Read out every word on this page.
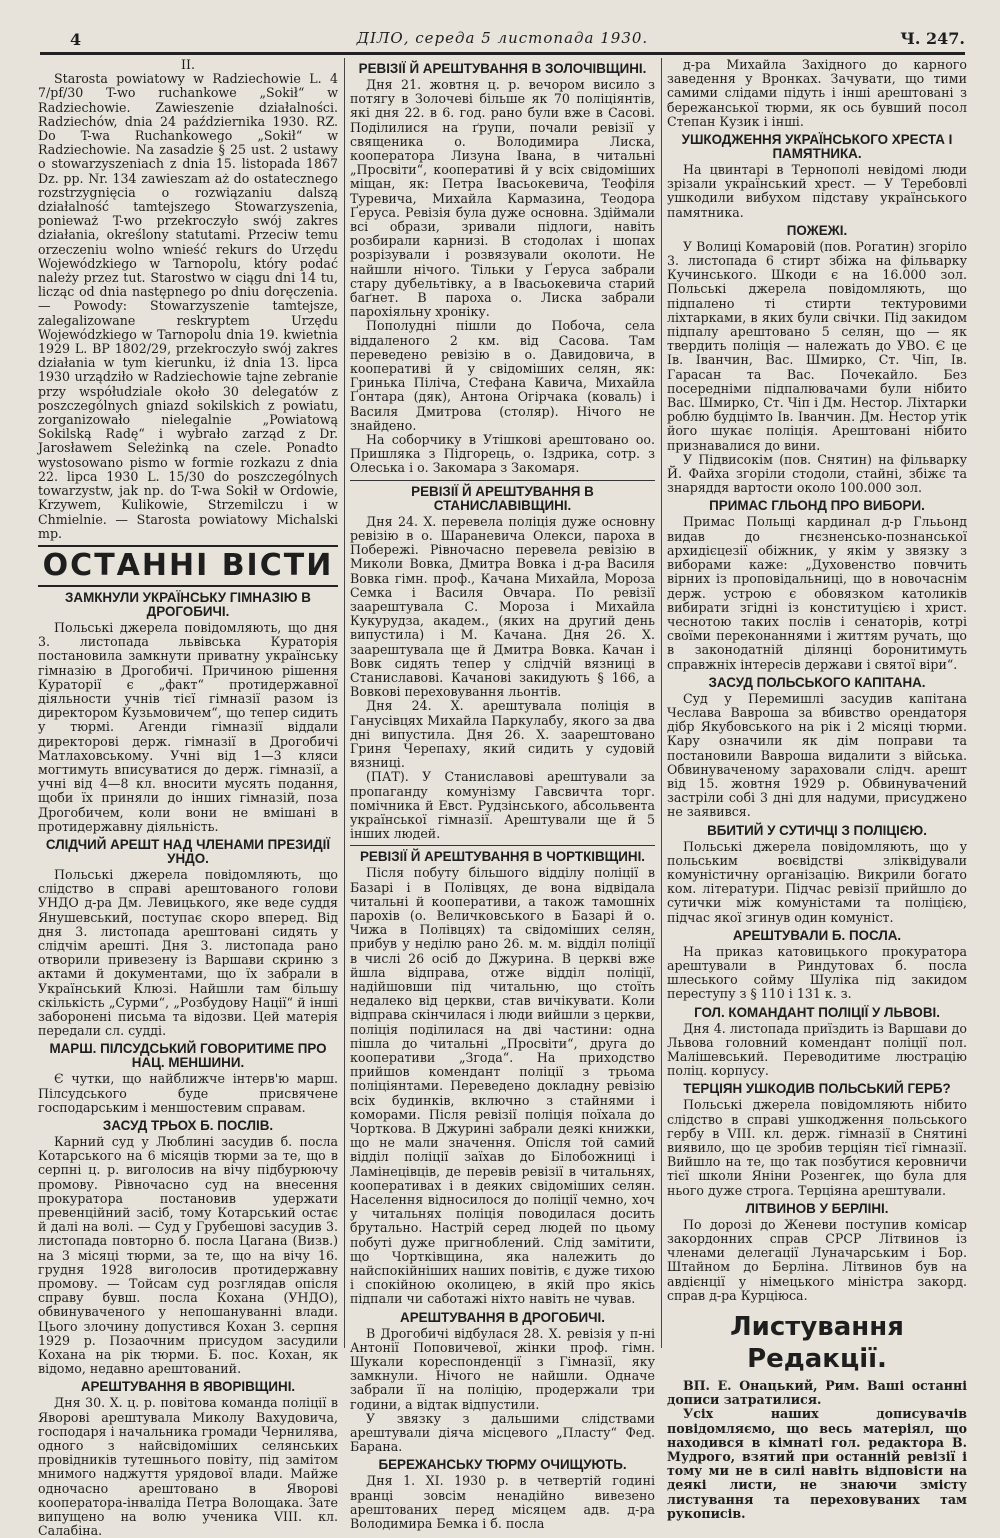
4	ДІЛО, середа 5 листопада 1930.	Ч. 247.
II.

Starosta powiatowy w Radziechowie L. 4 7/pf/30 T-wo ruchankowe „Sokił“ w Radziechowie. Zawieszenie działalności. Radziechów, dnia 24 października 1930. RZ. Do T-wa Ruchankowego „Sokił“ w Radziechowie. Na zasadzie § 25 ust. 2 ustawy o stowarzyszeniach z dnia 15. listopada 1867 Dz. pp. Nr. 134 zawieszam aż do ostatecznego rozstrzygnięcia o rozwiązaniu dalszą działalność tamtejszego Stowarzyszenia, ponieważ T-wo przekroczyło swój zakres działania, określony statutami. Przeciw temu orzeczeniu wolno wnieść rekurs do Urzędu Wojewódzkiego w Tarnopolu, który podać należy przez tut. Starostwo w ciągu dni 14 tu, licząc od dnia następnego po dniu doręczenia. — Powody: Stowarzyszenie tamtejsze, zalegalizowane reskryptem Urzędu Wojewódzkiego w Tarnopolu dnia 19. kwietnia 1929 L. BP 1802/29, przekroczyło swój zakres działania w tym kierunku, iż dnia 13. lipca 1930 urządziło w Radziechowie tajne zebranie przy współudziale około 30 delegatów z poszczególnych gniazd sokilskich z powiatu, zorganizowało nielegalnie „Powiatową Sokilską Radę“ i wybrało zarząd z Dr. Jarosławem Seleżinką na czele. Ponadto wystosowano pismo w formie rozkazu z dnia 22. lipca 1930 L. 15/30 do poszczególnych towarzystw, jak np. do T-wa Sokił w Ordowie, Krzywem, Kulikowie, Strzemilczu i w Chmielnie. — Starosta powiatowy Michalski mp.

ОСТАННІ ВІСТИ
ЗАМКНУЛИ УКРАЇНСЬКУ ГІМНАЗІЮ В ДРОГОБИЧІ.

Польські джерела повідомляють, що дня 3. листопада львівська Кураторія постановила замкнути приватну українську гімназію в Дрогобичі. Причиною рішення Кураторії є „факт“ протидержавної діяльности учнів тієї гімназії разом із директором Кузьмовичем“, що тепер сидить у тюрмі. Агенди гімназії віддали директорові держ. гімназії в Дрогобичі Матлаховському. Учні від 1—3 кляси могтимуть вписуватися до держ. гімназії, а учні від 4—8 кл. вносити мусять подання, щоби їх приняли до інших гімназій, поза Дрогобичем, коли вони не вмішані в протидержавну діяльність.

СЛІДЧИЙ АРЕШТ НАД ЧЛЕНАМИ ПРЕЗИДІЇ УНДО.

Польські джерела повідомляють, що слідство в справі арештованого голови УНДО д-ра Дм. Левицького, яке веде суддя Янушевський, поступає скоро вперед. Від дня 3. листопада арештовані сидять у слідчім арешті. Дня 3. листопада рано отворили привезену із Варшави скриню з актами й документами, що їх забрали в Український Клюзі. Найшли там більшу скількість „Сурми“, „Розбудову Нації“ й інші заборонені письма та відозви. Цей матерія передали сл. судді.

МАРШ. ПІЛСУДСЬКИЙ ГОВОРИТИМЕ ПРО НАЦ. МЕНШИНИ.

Є чутки, що найближче інтерв'ю марш. Пілсудського буде присвячене господарським і меншостевим справам.

ЗАСУД ТРЬОХ Б. ПОСЛІВ.

Карний суд у Люблині засудив б. посла Котарського на 6 місяців тюрми за те, що в серпні ц. р. виголосив на вічу підбурюючу промову. Рівночасно суд на внесення прокуратора постановив удержати превенційний засіб, тому Котарський остає й далі на волі. — Суд у Грубешові засудив 3. листопада повторно б. посла Цагана (Визв.) на 3 місяці тюрми, за те, що на вічу 16. грудня 1928 виголосив протидержавну промову. — Тойсам суд розглядав опісля справу бувш. посла Кохана (УНДО), обвинуваченого у непошануванні влади. Цього злочину допустився Кохан 3. серпня 1929 р. Позаочним присудом засудили Кохана на рік тюрми. Б. пос. Кохан, як відомо, недавно арештований.

АРЕШТУВАННЯ В ЯВОРІВЩИНІ.

Дня 30. Х. ц. р. повітова команда поліції в Яворові арештувала Миколу Вахудовича, господаря і начальника громади Чернилява, одного з найсвідоміших селянських провідників тутешнього повіту, під замітом мнимого наджуття урядової влади. Майже одночасно арештовано в Яворові кооператора-інваліда Петра Волощака. Зате випущено на волю ученика VIII. кл. Салабіна.

РЕВІЗІЇ Й АРЕШТУВАННЯ В ЗОЛОЧІВЩИНІ.

Дня 21. жовтня ц. р. вечором висило з потягу в Золочеві більше як 70 поліціянтів, які дня 22. в 6. год. рано були вже в Сасові. Поділилися на ґрупи, почали ревізії у священика о. Володимира Лиска, кооператора Лизуна Івана, в читальні „Просвіти“, кооперативі й у всіх свідоміших міщан, як: Петра Івасьокевича, Теофіля Туревича, Михайла Кармазина, Теодора Ґеруса. Ревізія була дуже основна. Здіймали всі образи, зривали підлоги, навіть розбирали карнизі. В стодолах і шопах розрізували і розвязували околоти. Не найшли нічого. Тільки у Ґеруса забрали стару дубельтівку, а в Івасьокевича старий баґнет. В пароха о. Лиска забрали парохіяльну хроніку.

Пополудні пішли до Побоча, села віддаленого 2 км. від Сасова. Там переведено ревізію в о. Давидовича, в кооперативі й у свідоміших селян, як: Гринька Піліча, Стефана Кавича, Михайла Ґонтара (дяк), Антона Огірчака (коваль) і Василя Дмитрова (столяр). Нічого не знайдено.

На соборчику в Утішкові арештовано оо. Пришляка з Підгорець, о. Іздрика, сотр. з Олеська і о. Закомара з Закомаря.

РЕВІЗІЇ Й АРЕШТУВАННЯ В СТАНИСЛАВІВЩИНІ.

Дня 24. Х. перевела поліція дуже основну ревізію в о. Шараневича Олекси, пароха в Побережі. Рівночасно перевела ревізію в Миколи Вовка, Дмитра Вовка і д-ра Василя Вовка гімн. проф., Качана Михайла, Мороза Семка і Василя Овчара. По ревізії заарештувала С. Мороза і Михайла Кукурудза, академ., (яких на другий день випустила) і М. Качана. Дня 26. Х. заарештувала ще й Дмитра Вовка. Качан і Вовк сидять тепер у слідчій вязниці в Станиславові. Качанові закидують § 166, а Вовкові переховування льонтів.

Дня 24. Х. арештувала поліція в Ганусівцях Михайла Паркулабу, якого за два дні випустила. Дня 26. Х. заарештовано Гриня Черепаху, який сидить у судовій вязниці.

(ПАТ). У Станиславові арештували за пропаганду комунізму Гавсвичта торг. помічника й Евст. Рудзінського, абсольвента української гімназії. Арештували ще й 5 інших людей.

РЕВІЗІЇ Й АРЕШТУВАННЯ В ЧОРТКІВЩИНІ.

Після побуту більшого відділу поліції в Базарі і в Полівцях, де вона відвідала читальні й кооперативи, а також тамошніх парохів (о. Величковського в Базарі й о. Чижа в Полівцях) та свідоміших селян, прибув у неділю рано 26. м. м. відділ поліції в числі 26 осіб до Джурина. В церкві вже йшла відправа, отже відділ поліції, надійшовши під читальню, що стоїть недалеко від церкви, став вичікувати. Коли відправа скінчилася і люди вийшли з церкви, поліція поділилася на дві частини: одна пішла до читальні „Просвіти“, друга до кооперативи „Згода“. На приходство прийшов комендант поліції з трьома поліціянтами. Переведено докладну ревізію всіх будинків, включно з стайнями і коморами. Після ревізії поліція поїхала до Чорткова. В Джурині забрали деякі книжки, що не мали значення. Опісля той самий відділ поліції заїхав до Білобожниці і Ламінецівців, де перевів ревізії в читальнях, кооперативах і в деяких свідоміших селян. Населення відносилося до поліції чемно, хоч у читальнях поліція поводилася досить брутально. Настрій серед людей по цьому побуті дуже пригноблений. Слід замітити, що Чортківщина, яка належить до найспокійніших наших повітів, є дуже тихою і спокійною околицею, в якій про якісь підпали чи саботажі ніхто навіть не чував.

АРЕШТУВАННЯ В ДРОГОБИЧІ.

В Дрогобичі відбулася 28. Х. ревізія у п-ні Антонії Поповичевої, жінки проф. гімн. Шукали кореспонденції з Гімназії, яку замкнули. Нічого не найшли. Одначе забрали її на поліцію, продержали три години, а відтак відпустили.

У звязку з дальшими слідствами арештували діяча місцевого „Пласту“ Фед. Барана.

БЕРЕЖАНСЬКУ ТЮРМУ ОЧИЩУЮТЬ.

Дня 1. XI. 1930 р. в четвертій годині вранці зовсім ненадійно вивезено арештованих перед місяцем адв. д-ра Володимира Бемка і б. посла

д-ра Михайла Західного до карного заведення у Вронках. Зачувати, що тими самими слідами підуть і інші арештовані з бережанської тюрми, як ось бувший посол Степан Кузик і інші.

УШКОДЖЕННЯ УКРАЇНСЬКОГО ХРЕСТА І ПАМЯТНИКА.

На цвинтарі в Тернополі невідомі люди зрізали український хрест. — У Теребовлі ушкодили вибухом підставу українського памятника.

ПОЖЕЖІ.

У Волиці Комаровій (пов. Рогатин) згоріло 3. листопада 6 стирт збіжа на фільварку Кучинського. Шкоди є на 16.000 зол. Польські джерела повідомляють, що підпалено ті стирти тектуровими ліхтарками, в яких були свічки. Під закидом підпалу арештовано 5 селян, що — як твердить поліція — належать до УВО. Є це Ів. Іванчин, Вас. Шмирко, Ст. Чіп, Ів. Гарасан та Вас. Почекайло. Без посередніми підпалювачами були нібито Вас. Шмирко, Ст. Чіп і Дм. Нестор. Ліхтарки роблю будцімто Ів. Іванчин. Дм. Нестор утік його шукає поліція. Арештовані нібито признавалися до вини.

У Підвисокім (пов. Снятин) на фільварку Й. Файха згоріли стодоли, стайні, збіжє та знаряддя вартости около 100.000 зол.

ПРИМАС ГЛЬОНД ПРО ВИБОРИ.

Примас Польщі кардинал д-р Глььонд видав до гнєзненсько-познанської архидієцезії обіжник, у якім у звязку з виборами каже: „Духовенство повчить вірних із проповідальниці, що в новочаснім держ. устрою є обовязком католиків вибирати згідні із конституцією і христ. чеснотою таких послів і сенаторів, котрі своїми переконаннями і життям ручать, що в законодатній ділянці боронитимуть справжніх інтересів держави і святої віри“.

ЗАСУД ПОЛЬСЬКОГО КАПІТАНА.

Суд у Перемишлі засудив капітана Чеслава Вавроша за вбивство орендаторя дібр Якубовського на рік і 2 місяці тюрми. Кару означили як дім поправи та постановили Вавроша видалити з війська. Обвинуваченому зараховали слідч. арешт від 15. жовтня 1929 р. Обвинувачений застріли собі 3 дні для надуми, присуджено не заявився.

ВБИТИЙ У СУТИЧЦІ З ПОЛІЦІЄЮ.

Польські джерела повідомляють, що у польським воєвідстві зліквідували комуністичну організацію. Викрили богато ком. літератури. Підчас ревізії прийшло до сутички між комуністами та поліцією, підчас якої згинув один комуніст.

АРЕШТУВАЛИ Б. ПОСЛА.

На приказ катовицького прокуратора арештували в Риндутовах б. посла шлеського сойму Шуліка під закидом переступу з § 110 і 131 к. з.

ГОЛ. КОМАНДАНТ ПОЛІЦІЇ У ЛЬВОВІ.

Дня 4. листопада приїздить із Варшави до Львова головний комендант поліції пол. Малішевський. Переводитиме люстрацію поліц. корпусу.

ТЕРЦІЯН УШКОДИВ ПОЛЬСЬКИЙ ГЕРБ?

Польські джерела повідомляють нібито слідство в справі ушкодження польського гербу в VIII. кл. держ. гімназії в Снятині виявило, що це зробив терціян тієї гімназії. Вийшло на те, що так позбутися керовничи тієї школи Яніни Розенгек, що була для нього дуже строга. Терціяна арештували.

ЛІТВИНОВ У БЕРЛІНІ.

По дорозі до Женеви поступив комісар закордонних справ СРСР Літвинов із членами делегації Луначарським і Бор. Штайном до Берліна. Літвинов був на авдієнції у німецького міністра закорд. справ д-ра Курціюса.

Листування Редакції.

ВП. Е. Онацький, Рим. Ваші останні дописи затратилися.

Усіх наших дописувачів повідомляємо, що весь матеріял, що находився в кімнаті гол. редактора В. Мудрого, взятий при останній ревізії і тому ми не в силі навіть відповісти на деякі листи, не знаючи змісту листування та переховуваних там рукописів.
